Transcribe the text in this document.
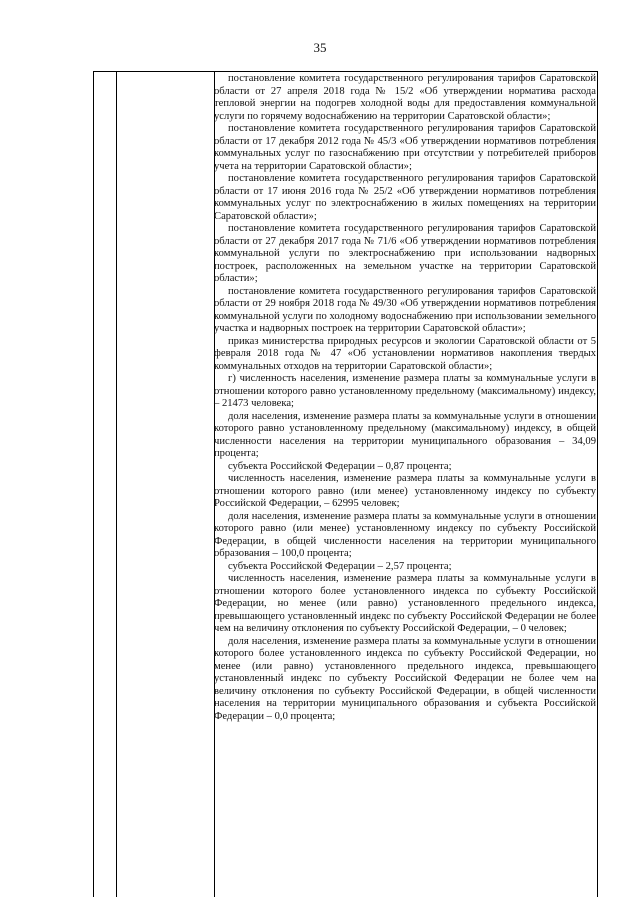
35

постановление комитета государственного регулирования тарифов Саратовской области от 27 апреля 2018 года № 15/2 «Об утверждении норматива расхода тепловой энергии на подогрев холодной воды для предоставления коммунальной услуги по горячему водоснабжению на территории Саратовской области»;

постановление комитета государственного регулирования тарифов Саратовской области от 17 декабря 2012 года № 45/3 «Об утверждении нормативов потребления коммунальных услуг по газоснабжению при отсутствии у потребителей приборов учета на территории Саратовской области»;

постановление комитета государственного регулирования тарифов Саратовской области от 17 июня 2016 года № 25/2 «Об утверждении нормативов потребления коммунальных услуг по электроснабжению в жилых помещениях на территории Саратовской области»;

постановление комитета государственного регулирования тарифов Саратовской области от 27 декабря 2017 года № 71/6 «Об утверждении нормативов потребления коммунальной услуги по электроснабжению при использовании надворных построек, расположенных на земельном участке на территории Саратовской области»;

постановление комитета государственного регулирования тарифов Саратовской области от 29 ноября 2018 года № 49/30 «Об утверждении нормативов потребления коммунальной услуги по холодному водоснабжению при использовании земельного участка и надворных построек на территории Саратовской области»;

приказ министерства природных ресурсов и экологии Саратовской области от 5 февраля 2018 года № 47 «Об установлении нормативов накопления твердых коммунальных отходов на территории Саратовской области»;

г) численность населения, изменение размера платы за коммунальные услуги в отношении которого равно установленному предельному (максимальному) индексу, – 21473 человека;

доля населения, изменение размера платы за коммунальные услуги в отношении которого равно установленному предельному (максимальному) индексу, в общей численности населения на территории муниципального образования – 34,09 процента;

субъекта Российской Федерации – 0,87 процента;

численность населения, изменение размера платы за коммунальные услуги в отношении которого равно (или менее) установленному индексу по субъекту Российской Федерации, – 62995 человек;

доля населения, изменение размера платы за коммунальные услуги в отношении которого равно (или менее) установленному индексу по субъекту Российской Федерации, в общей численности населения на территории муниципального образования – 100,0 процента;

субъекта Российской Федерации – 2,57 процента;

численность населения, изменение размера платы за коммунальные услуги в отношении которого более установленного индекса по субъекту Российской Федерации, но менее (или равно) установленного предельного индекса, превышающего установленный индекс по субъекту Российской Федерации не более чем на величину отклонения по субъекту Российской Федерации, – 0 человек;

доля населения, изменение размера платы за коммунальные услуги в отношении которого более установленного индекса по субъекту Российской Федерации, но менее (или равно) установленного предельного индекса, превышающего установленный индекс по субъекту Российской Федерации не более чем на величину отклонения по субъекту Российской Федерации, в общей численности населения на территории муниципального образования и субъекта Российской Федерации – 0,0 процента;
